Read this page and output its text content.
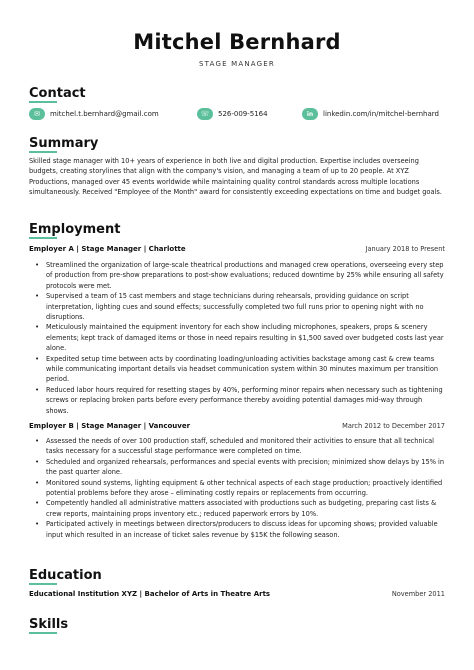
Mitchel Bernhard
STAGE MANAGER
Contact
✉	mitchel.t.bernhard@gmail.com	☏	526-009-5164	in	linkedin.com/in/mitchel-bernhard
Summary
Skilled stage manager with 10+ years of experience in both live and digital production. Expertise includes overseeing budgets, creating storylines that align with the company's vision, and managing a team of up to 20 people. At XYZ Productions, managed over 45 events worldwide while maintaining quality control standards across multiple locations simultaneously. Received "Employee of the Month" award for consistently exceeding expectations on time and budget goals.
Employment
Employer A | Stage Manager | Charlotte	January 2018 to Present
• Streamlined the organization of large-scale theatrical productions and managed crew operations, overseeing every step of production from pre-show preparations to post-show evaluations; reduced downtime by 25% while ensuring all safety protocols were met.
• Supervised a team of 15 cast members and stage technicians during rehearsals, providing guidance on script interpretation, lighting cues and sound effects; successfully completed two full runs prior to opening night with no disruptions.
• Meticulously maintained the equipment inventory for each show including microphones, speakers, props & scenery elements; kept track of damaged items or those in need repairs resulting in $1,500 saved over budgeted costs last year alone.
• Expedited setup time between acts by coordinating loading/unloading activities backstage among cast & crew teams while communicating important details via headset communication system within 30 minutes maximum per transition period.
• Reduced labor hours required for resetting stages by 40%, performing minor repairs when necessary such as tightening screws or replacing broken parts before every performance thereby avoiding potential damages mid-way through shows.
Employer B | Stage Manager | Vancouver	March 2012 to December 2017
• Assessed the needs of over 100 production staff, scheduled and monitored their activities to ensure that all technical tasks necessary for a successful stage performance were completed on time.
• Scheduled and organized rehearsals, performances and special events with precision; minimized show delays by 15% in the past quarter alone.
• Monitored sound systems, lighting equipment & other technical aspects of each stage production; proactively identified potential problems before they arose – eliminating costly repairs or replacements from occurring.
• Competently handled all administrative matters associated with productions such as budgeting, preparing cast lists & crew reports, maintaining props inventory etc.; reduced paperwork errors by 10%.
• Participated actively in meetings between directors/producers to discuss ideas for upcoming shows; provided valuable input which resulted in an increase of ticket sales revenue by $15K the following season.
Education
Educational Institution XYZ | Bachelor of Arts in Theatre Arts	November 2011
Skills
